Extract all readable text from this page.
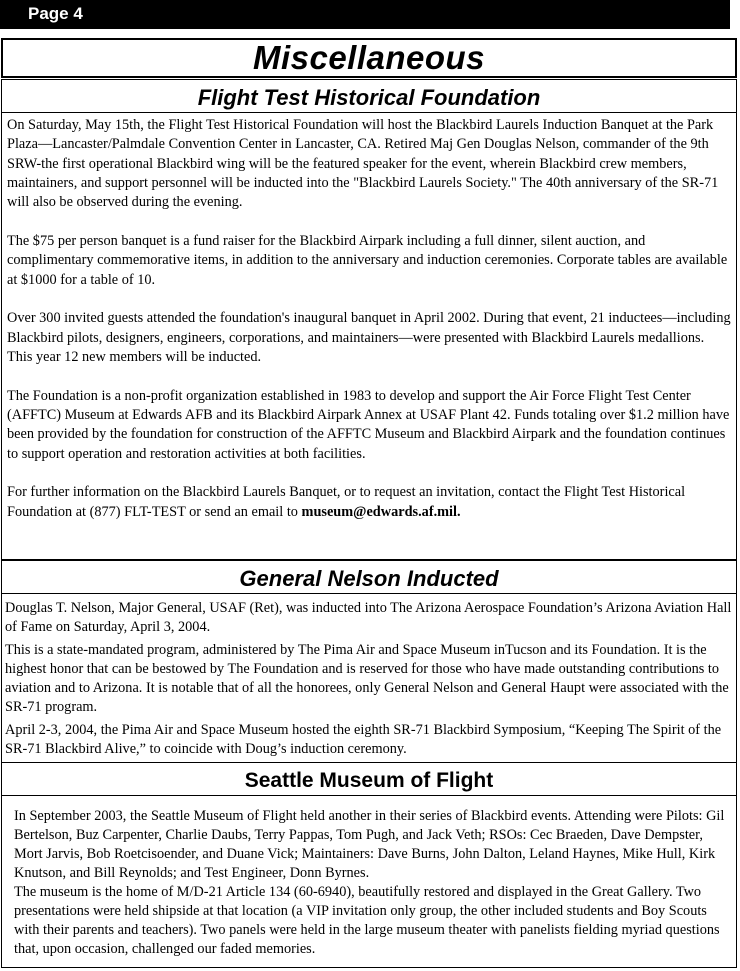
Page 4
Miscellaneous
Flight Test Historical Foundation

On Saturday, May 15th, the Flight Test Historical Foundation will host the Blackbird Laurels Induction Banquet at the Park Plaza—Lancaster/Palmdale Convention Center in Lancaster, CA. Retired Maj Gen Douglas Nelson, commander of the 9th SRW-the first operational Blackbird wing will be the featured speaker for the event, wherein Blackbird crew members, maintainers, and support personnel will be inducted into the "Blackbird Laurels Society." The 40th anniversary of the SR-71 will also be observed during the evening.

The $75 per person banquet is a fund raiser for the Blackbird Airpark including a full dinner, silent auction, and complimentary commemorative items, in addition to the anniversary and induction ceremonies. Corporate tables are available at $1000 for a table of 10.

Over 300 invited guests attended the foundation's inaugural banquet in April 2002. During that event, 21 inductees—including Blackbird pilots, designers, engineers, corporations, and maintainers—were presented with Blackbird Laurels medallions. This year 12 new members will be inducted.

The Foundation is a non-profit organization established in 1983 to develop and support the Air Force Flight Test Center (AFFTC) Museum at Edwards AFB and its Blackbird Airpark Annex at USAF Plant 42. Funds totaling over $1.2 million have been provided by the foundation for construction of the AFFTC Museum and Blackbird Airpark and the foundation continues to support operation and restoration activities at both facilities.

For further information on the Blackbird Laurels Banquet, or to request an invitation, contact the Flight Test Historical Foundation at (877) FLT-TEST or send an email to museum@edwards.af.mil.

General Nelson Inducted

Douglas T. Nelson, Major General, USAF (Ret), was inducted into The Arizona Aerospace Foundation’s Arizona Aviation Hall of Fame on Saturday, April 3, 2004.

This is a state-mandated program, administered by The Pima Air and Space Museum inTucson and its Foundation. It is the highest honor that can be bestowed by The Foundation and is reserved for those who have made outstanding contributions to aviation and to Arizona. It is notable that of all the honorees, only General Nelson and General Haupt were associated with the SR-71 program.

April 2-3, 2004, the Pima Air and Space Museum hosted the eighth SR-71 Blackbird Symposium, “Keeping The Spirit of the SR-71 Blackbird Alive,” to coincide with Doug’s induction ceremony.

Seattle Museum of Flight

In September 2003, the Seattle Museum of Flight held another in their series of Blackbird events. Attending were Pilots: Gil Bertelson, Buz Carpenter, Charlie Daubs, Terry Pappas, Tom Pugh, and Jack Veth; RSOs: Cec Braeden, Dave Dempster, Mort Jarvis, Bob Roetcisoender, and Duane Vick; Maintainers: Dave Burns, John Dalton, Leland Haynes, Mike Hull, Kirk Knutson, and Bill Reynolds; and Test Engineer, Donn Byrnes.

The museum is the home of M/D-21 Article 134 (60-6940), beautifully restored and displayed in the Great Gallery. Two presentations were held shipside at that location (a VIP invitation only group, the other included students and Boy Scouts with their parents and teachers). Two panels were held in the large museum theater with panelists fielding myriad questions that, upon occasion, challenged our faded memories.
